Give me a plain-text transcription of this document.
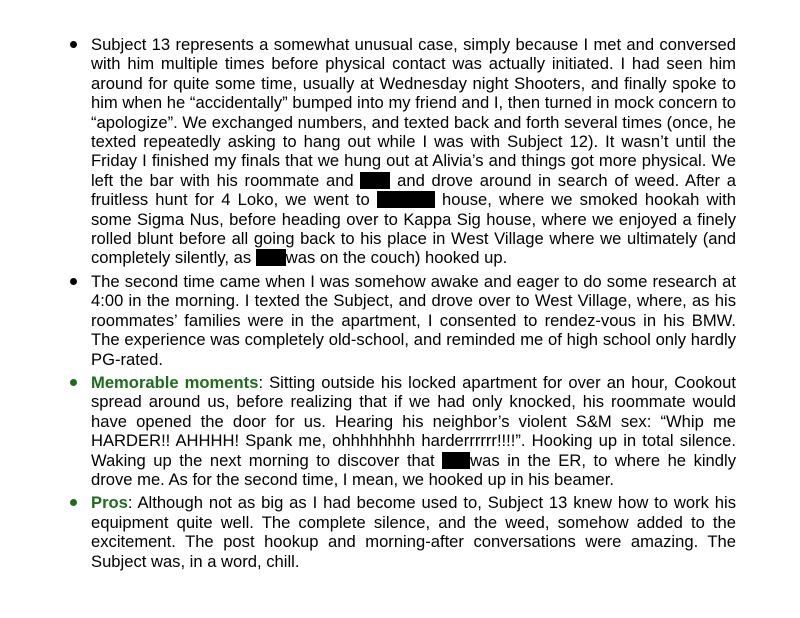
Subject 13 represents a somewhat unusual case, simply because I met and conversed with him multiple times before physical contact was actually initiated. I had seen him around for quite some time, usually at Wednesday night Shooters, and finally spoke to him when he “accidentally” bumped into my friend and I, then turned in mock concern to “apologize”. We exchanged numbers, and texted back and forth several times (once, he texted repeatedly asking to hang out while I was with Subject 12). It wasn’t until the Friday I finished my finals that we hung out at Alivia’s and things got more physical. We left the bar with his roommate and  and drove around in search of weed. After a fruitless hunt for 4 Loko, we went to	house, where we smoked hookah with some Sigma Nus, before heading over to Kappa Sig house, where we enjoyed a finely rolled blunt before all going back to his place in West Village where we ultimately (and completely silently, as was on the couch) hooked up.

The second time came when I was somehow awake and eager to do some research at 4:00 in the morning. I texted the Subject, and drove over to West Village, where, as his roommates’ families were in the apartment, I consented to rendez-vous in his BMW. The experience was completely old-school, and reminded me of high school only hardly PG-rated.

Memorable moments: Sitting outside his locked apartment for over an hour, Cookout spread around us, before realizing that if we had only knocked, his roommate would have opened the door for us. Hearing his neighbor’s violent S&M sex: “Whip me HARDER!! AHHHH! Spank me, ohhhhhhhh harderrrrrr!!!!”. Hooking up in total silence. Waking up the next morning to discover that was in the ER, to where he kindly drove me. As for the second time, I mean, we hooked up in his beamer.

Pros: Although not as big as I had become used to, Subject 13 knew how to work his equipment quite well. The complete silence, and the weed, somehow added to the excitement. The post hookup and morning-after conversations were amazing. The Subject was, in a word, chill.
